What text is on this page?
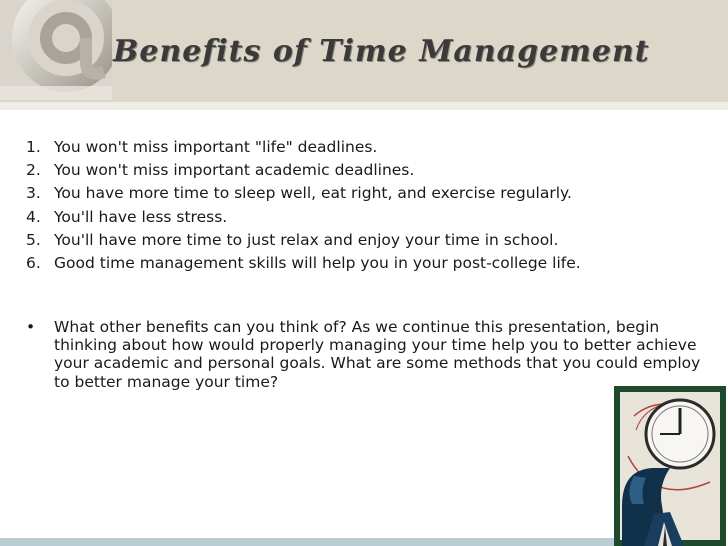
Benefits of Time Management
1. You won't miss important "life" deadlines.
2. You won't miss important academic deadlines.
3. You have more time to sleep well, eat right, and exercise regularly.
4. You'll have less stress.
5. You'll have more time to just relax and enjoy your time in school.
6. Good time management skills will help you in your post-college life.
•	What other benefits can you think of? As we continue this presentation, begin thinking about how would properly managing your time help you to better achieve your academic and personal goals. What are some methods that you could employ to better manage your time?
